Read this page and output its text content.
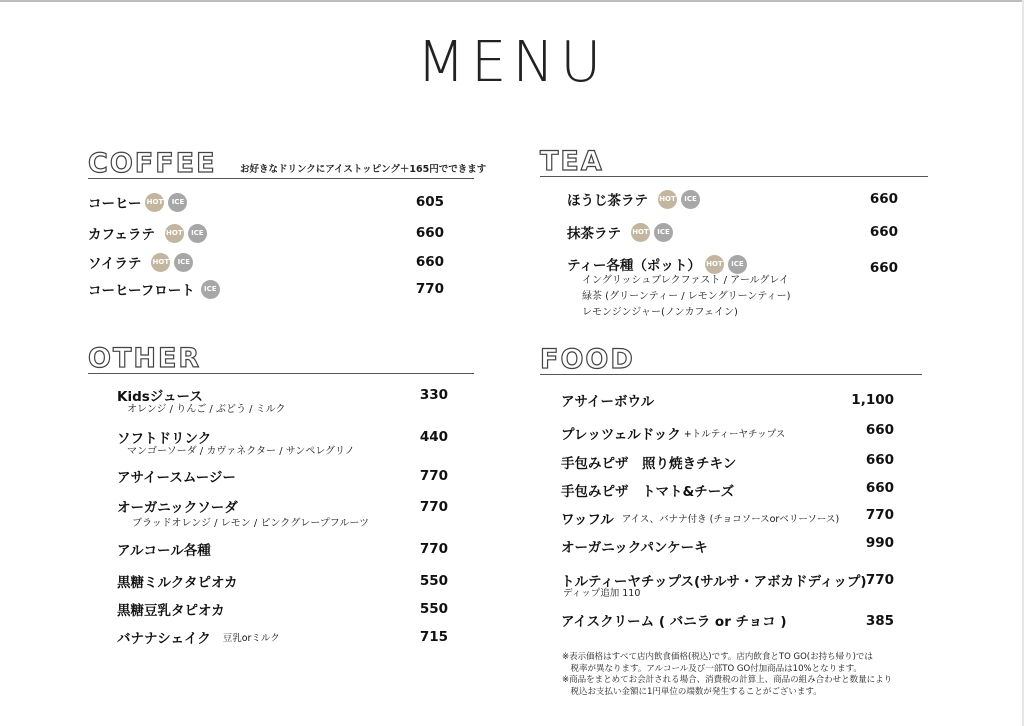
MENU
COFFEE お好きなドリンクにアイストッピング＋165円でできます
コーヒー HOT	ICE	605
カフェラテ HOT	ICE	660
ソイラテ HOT	ICE	660
コーヒーフロート	ICE	770
TEA
ほうじ茶ラテ HOT	ICE	660
抹茶ラテ HOT	ICE	660
ティー各種（ポット） HOT	ICE	660
イングリッシュブレクファスト / アールグレイ
緑茶 (グリーンティー / レモングリーンティー)
レモンジンジャー(ノンカフェイン)
OTHER
Kidsジュース	330
オレンジ / りんご / ぶどう / ミルク
ソフトドリンク	440
マンゴーソーダ / カヴァネクター / サンペレグリノ
アサイースムージー	770
オーガニックソーダ	770
ブラッドオレンジ / レモン / ピンクグレープフルーツ
アルコール各種	770
黒糖ミルクタピオカ	550
黒糖豆乳タピオカ	550
バナナシェイク 豆乳orミルク	715
FOOD
アサイーボウル	1,100
プレッツェルドック +トルティーヤチップス	660
手包みピザ　照り焼きチキン	660
手包みピザ　トマト&チーズ	660
ワッフル アイス、バナナ付き (チョコソースorベリーソース)	770
オーガニックパンケーキ	990
トルティーヤチップス(サルサ・アボカドディップ) 770
ディップ追加 110
アイスクリーム ( バニラ or チョコ )	385
※表示価格はすべて店内飲食価格(税込)です。店内飲食とTO GO(お持ち帰り)では
　税率が異なります。アルコール及び一部TO GO付加商品は10%となります。
※商品をまとめてお会計される場合、消費税の計算上、商品の組み合わせと数量により
　税込お支払い金額に1円単位の端数が発生することがございます。
